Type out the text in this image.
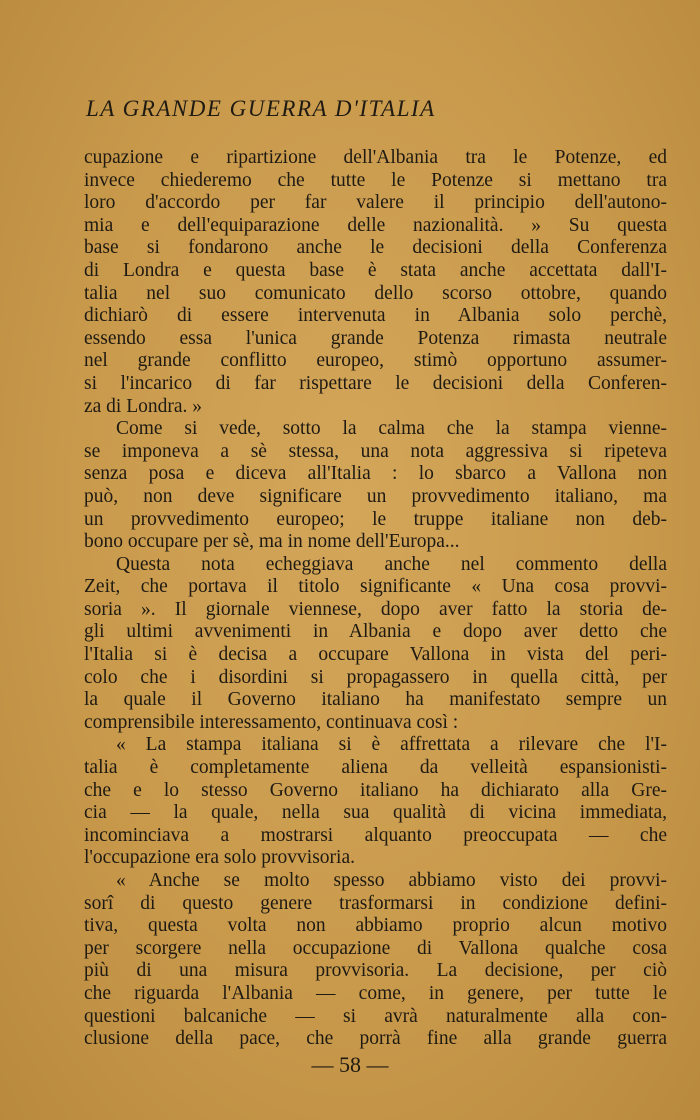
LA GRANDE GUERRA D'ITALIA
cupazione e ripartizione dell'Albania tra le Potenze, ed
invece chiederemo che tutte le Potenze si mettano tra
loro d'accordo per far valere il principio dell'autono-
mia e dell'equiparazione delle nazionalità. » Su questa
base si fondarono anche le decisioni della Conferenza
di Londra e questa base è stata anche accettata dall'I-
talia nel suo comunicato dello scorso ottobre, quando
dichiarò di essere intervenuta in Albania solo perchè,
essendo essa l'unica grande Potenza rimasta neutrale
nel grande conflitto europeo, stimò opportuno assumer-
si l'incarico di far rispettare le decisioni della Conferen-
za di Londra. »
Come si vede, sotto la calma che la stampa vienne-
se imponeva a sè stessa, una nota aggressiva si ripeteva
senza posa e diceva all'Italia : lo sbarco a Vallona non
può, non deve significare un provvedimento italiano, ma
un provvedimento europeo; le truppe italiane non deb-
bono occupare per sè, ma in nome dell'Europa...
Questa nota echeggiava anche nel commento della
Zeit, che portava il titolo significante « Una cosa provvi-
soria ». Il giornale viennese, dopo aver fatto la storia de-
gli ultimi avvenimenti in Albania e dopo aver detto che
l'Italia si è decisa a occupare Vallona in vista del peri-
colo che i disordini si propagassero in quella città, per
la quale il Governo italiano ha manifestato sempre un
comprensibile interessamento, continuava così :
« La stampa italiana si è affrettata a rilevare che l'I-
talia è completamente aliena da velleità espansionisti-
che e lo stesso Governo italiano ha dichiarato alla Gre-
cia — la quale, nella sua qualità di vicina immediata,
incominciava a mostrarsi alquanto preoccupata — che
l'occupazione era solo provvisoria.
« Anche se molto spesso abbiamo visto dei provvi-
sorî di questo genere trasformarsi in condizione defini-
tiva, questa volta non abbiamo proprio alcun motivo
per scorgere nella occupazione di Vallona qualche cosa
più di una misura provvisoria. La decisione, per ciò
che riguarda l'Albania — come, in genere, per tutte le
questioni balcaniche — si avrà naturalmente alla con-
clusione della pace, che porrà fine alla grande guerra
— 58 —
